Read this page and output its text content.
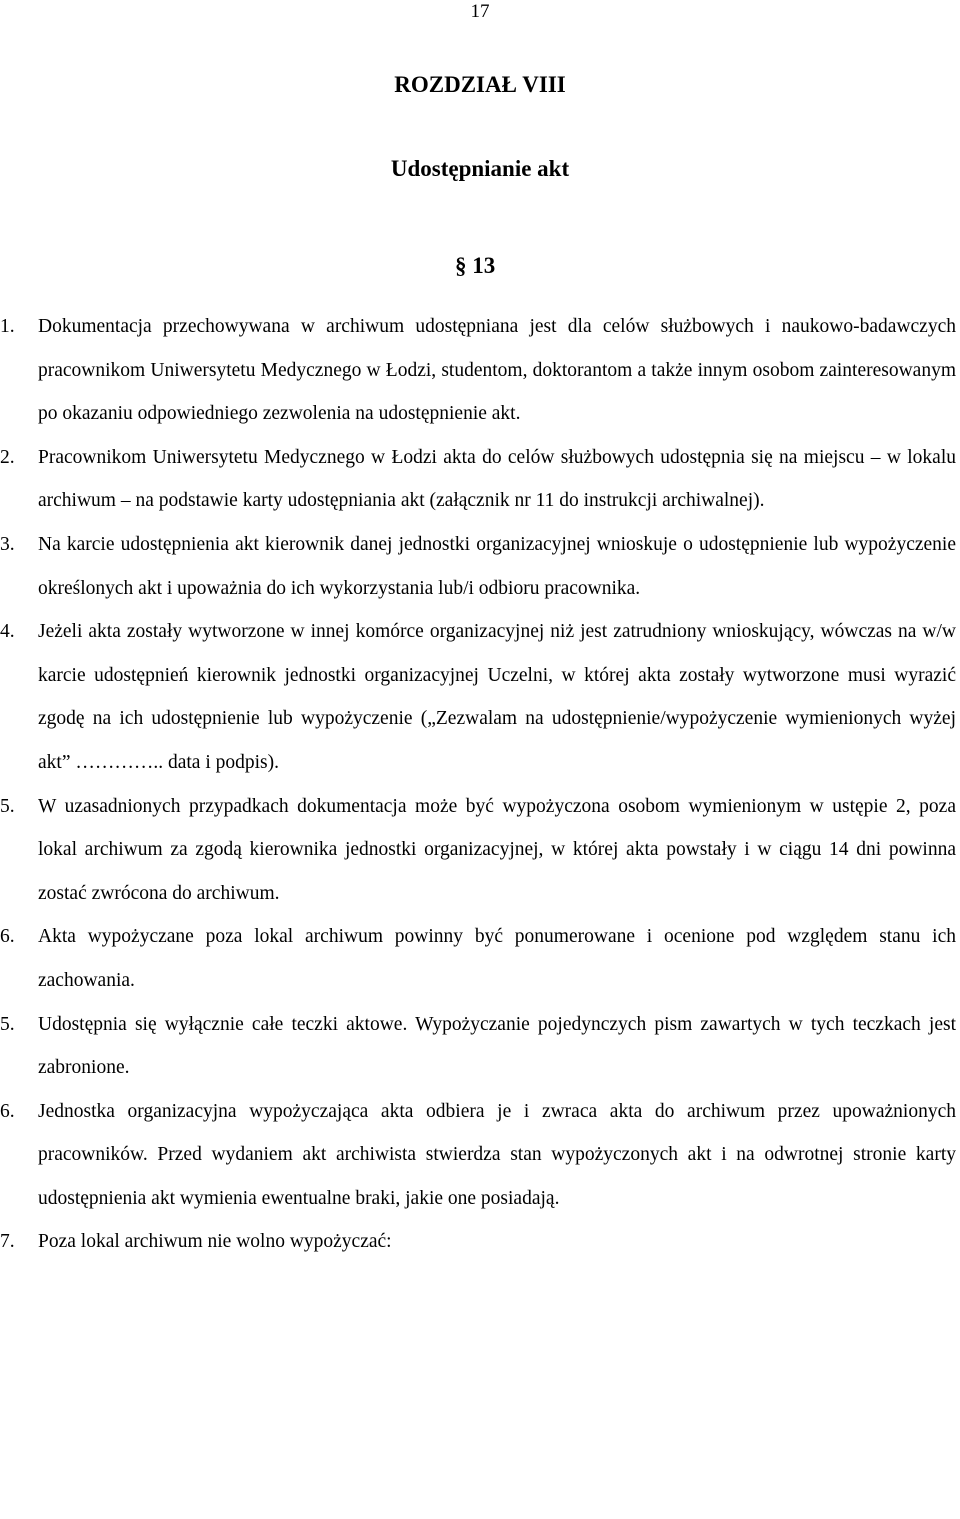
17
ROZDZIAŁ VIII
Udostępnianie akt
§ 13
1. Dokumentacja przechowywana w archiwum udostępniana jest dla celów służbowych i naukowo-badawczych pracownikom Uniwersytetu Medycznego w Łodzi, studentom, doktorantom a także innym osobom zainteresowanym po okazaniu odpowiedniego zezwolenia na udostępnienie akt.
2. Pracownikom Uniwersytetu Medycznego w Łodzi akta do celów służbowych udostępnia się na miejscu – w lokalu archiwum – na podstawie karty udostępniania akt (załącznik nr 11 do instrukcji archiwalnej).
3. Na karcie udostępnienia akt kierownik danej jednostki organizacyjnej wnioskuje o udostępnienie lub wypożyczenie określonych akt i upoważnia do ich wykorzystania lub/i odbioru pracownika.
4. Jeżeli akta zostały wytworzone w innej komórce organizacyjnej niż jest zatrudniony wnioskujący, wówczas na w/w karcie udostępnień kierownik jednostki organizacyjnej Uczelni, w której akta zostały wytworzone musi wyrazić zgodę na ich udostępnienie lub wypożyczenie („Zezwalam na udostępnienie/wypożyczenie wymienionych wyżej akt” ………….. data i podpis).
5. W uzasadnionych przypadkach dokumentacja może być wypożyczona osobom wymienionym w ustępie 2, poza lokal archiwum za zgodą kierownika jednostki organizacyjnej, w której akta powstały i w ciągu 14 dni powinna zostać zwrócona do archiwum.
6. Akta wypożyczane poza lokal archiwum powinny być ponumerowane i ocenione pod względem stanu ich zachowania.
5. Udostępnia się wyłącznie całe teczki aktowe. Wypożyczanie pojedynczych pism zawartych w tych teczkach jest zabronione.
6. Jednostka organizacyjna wypożyczająca akta odbiera je i zwraca akta do archiwum przez upoważnionych pracowników. Przed wydaniem akt archiwista stwierdza stan wypożyczonych akt i na odwrotnej stronie karty udostępnienia akt wymienia ewentualne braki, jakie one posiadają.
7. Poza lokal archiwum nie wolno wypożyczać:
